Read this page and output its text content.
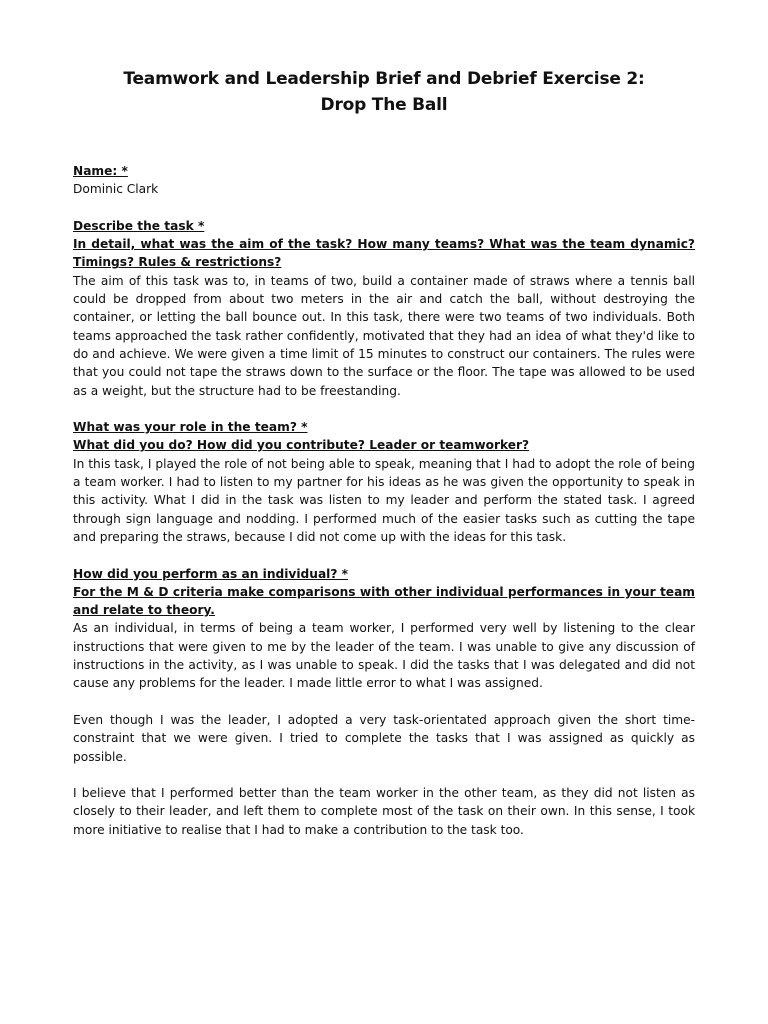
Teamwork and Leadership Brief and Debrief Exercise 2:
Drop The Ball
Name: *
Dominic Clark
Describe the task *
In detail, what was the aim of the task? How many teams? What was the team dynamic? Timings? Rules & restrictions?

The aim of this task was to, in teams of two, build a container made of straws where a tennis ball could be dropped from about two meters in the air and catch the ball, without destroying the container, or letting the ball bounce out. In this task, there were two teams of two individuals. Both teams approached the task rather confidently, motivated that they had an idea of what they'd like to do and achieve. We were given a time limit of 15 minutes to construct our containers. The rules were that you could not tape the straws down to the surface or the floor. The tape was allowed to be used as a weight, but the structure had to be freestanding.

What was your role in the team? *
What did you do? How did you contribute? Leader or teamworker?

In this task, I played the role of not being able to speak, meaning that I had to adopt the role of being a team worker. I had to listen to my partner for his ideas as he was given the opportunity to speak in this activity. What I did in the task was listen to my leader and perform the stated task. I agreed through sign language and nodding. I performed much of the easier tasks such as cutting the tape and preparing the straws, because I did not come up with the ideas for this task.

How did you perform as an individual? *
For the M & D criteria make comparisons with other individual performances in your team and relate to theory.

As an individual, in terms of being a team worker, I performed very well by listening to the clear instructions that were given to me by the leader of the team. I was unable to give any discussion of instructions in the activity, as I was unable to speak. I did the tasks that I was delegated and did not cause any problems for the leader. I made little error to what I was assigned.

Even though I was the leader, I adopted a very task-orientated approach given the short time-constraint that we were given. I tried to complete the tasks that I was assigned as quickly as possible.

I believe that I performed better than the team worker in the other team, as they did not listen as closely to their leader, and left them to complete most of the task on their own. In this sense, I took more initiative to realise that I had to make a contribution to the task too.
